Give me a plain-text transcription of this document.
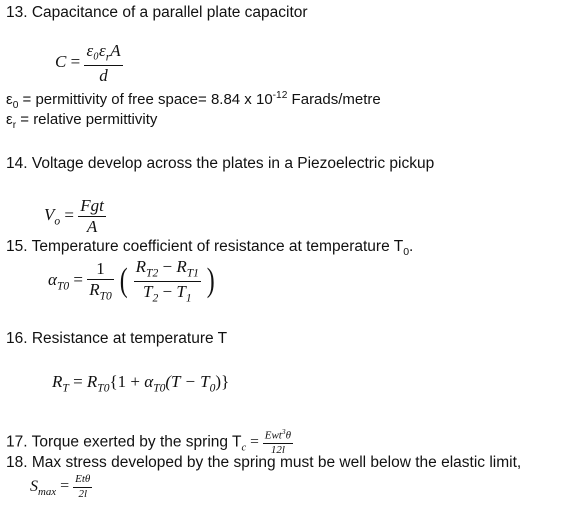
13. Capacitance of a parallel plate capacitor
$C = \frac{\varepsilon_0\varepsilon_rA}{d}$
$\varepsilon_0$ = permittivity of free space= 8.84 x $10^{-12}$ Farads/metre
$\varepsilon_r$ = relative permittivity
14. Voltage develop across the plates in a Piezoelectric pickup
$V_o = \frac{\text{Fgt}}{A}$
15. Temperature coefficient of resistance at temperature $T_0$.
$\alpha_{T0} = \frac{1}{R_{T0}}$ ( $\frac{R_{T2} - R_{T1}}{T_2 - T_1}$ )
16. Resistance at temperature T
$R_T = R_{T0}\{1 + \alpha_{T0}(T - T_0)\}$
17. Torque exerted by the spring $T_c = \frac{Ewt^3\theta}{12l}$
18. Max stress developed by the spring must be well below the elastic limit,
$S_{max} = \frac{\text{Etθ}}{2l}$
